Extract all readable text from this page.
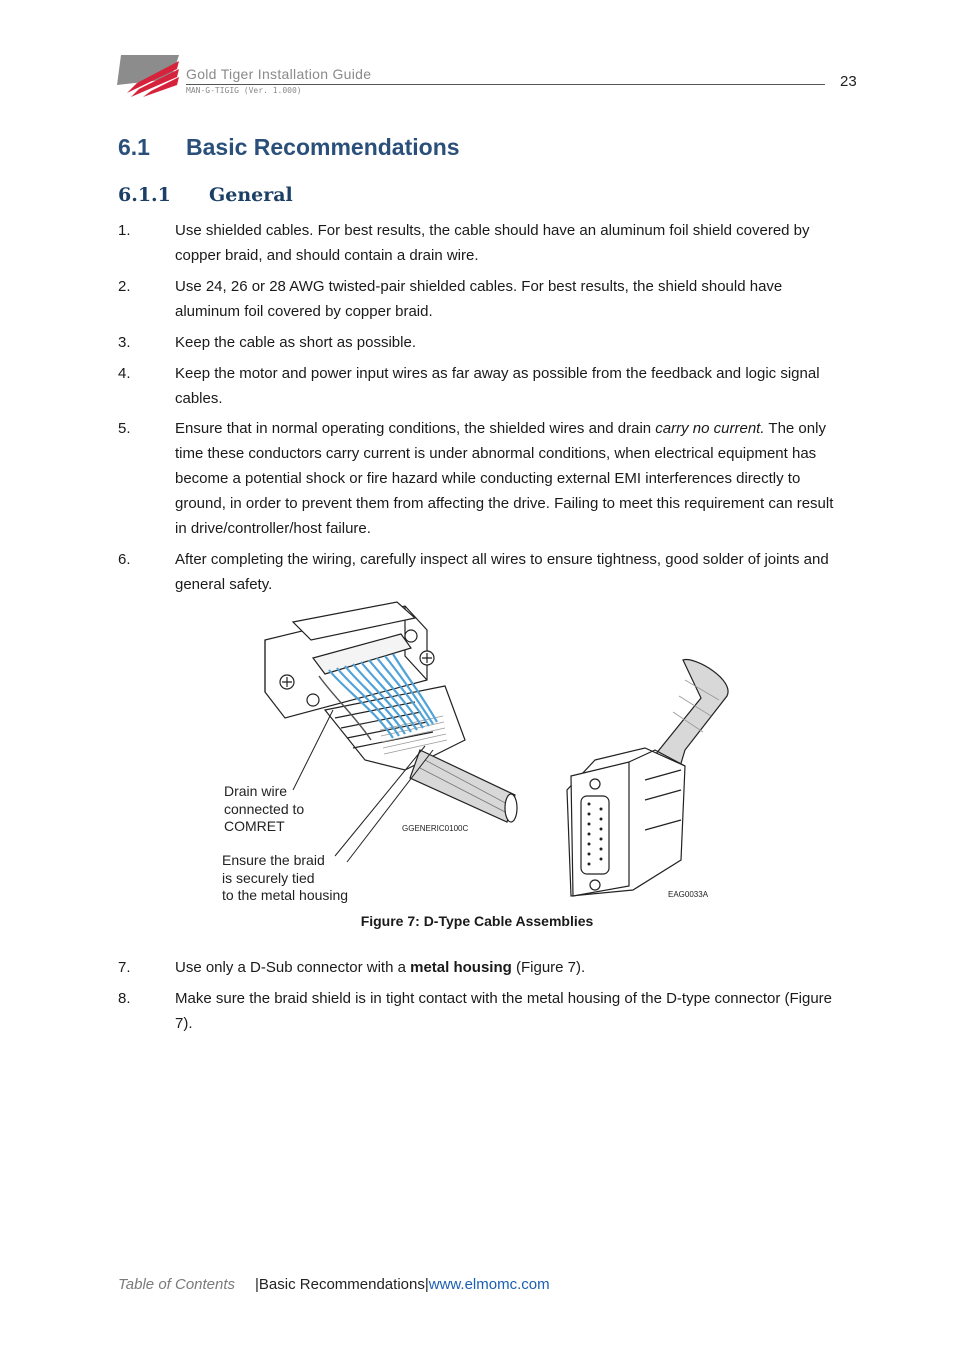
Gold Tiger Installation Guide
MAN-G-TIGIG (Ver. 1.000)
23
6.1 Basic Recommendations
6.1.1 General
1.	Use shielded cables. For best results, the cable should have an aluminum foil shield covered by copper braid, and should contain a drain wire.
2.	Use 24, 26 or 28 AWG twisted-pair shielded cables. For best results, the shield should have aluminum foil covered by copper braid.
3.	Keep the cable as short as possible.
4.	Keep the motor and power input wires as far away as possible from the feedback and logic signal cables.
5.	Ensure that in normal operating conditions, the shielded wires and drain carry no current. The only time these conductors carry current is under abnormal conditions, when electrical equipment has become a potential shock or fire hazard while conducting external EMI interferences directly to ground, in order to prevent them from affecting the drive. Failing to meet this requirement can result in drive/controller/host failure.
6.	After completing the wiring, carefully inspect all wires to ensure tightness, good solder of joints and general safety.
Drain wire
connected to
COMRET
Ensure the braid
is securely tied
to the metal housing
GGENERIC0100C
EAG0033A
Figure 7: D-Type Cable Assemblies
7.	Use only a D-Sub connector with a metal housing (Figure 7).
8.	Make sure the braid shield is in tight contact with the metal housing of the D-type connector (Figure 7).
Table of Contents |Basic Recommendations|www.elmomc.com
